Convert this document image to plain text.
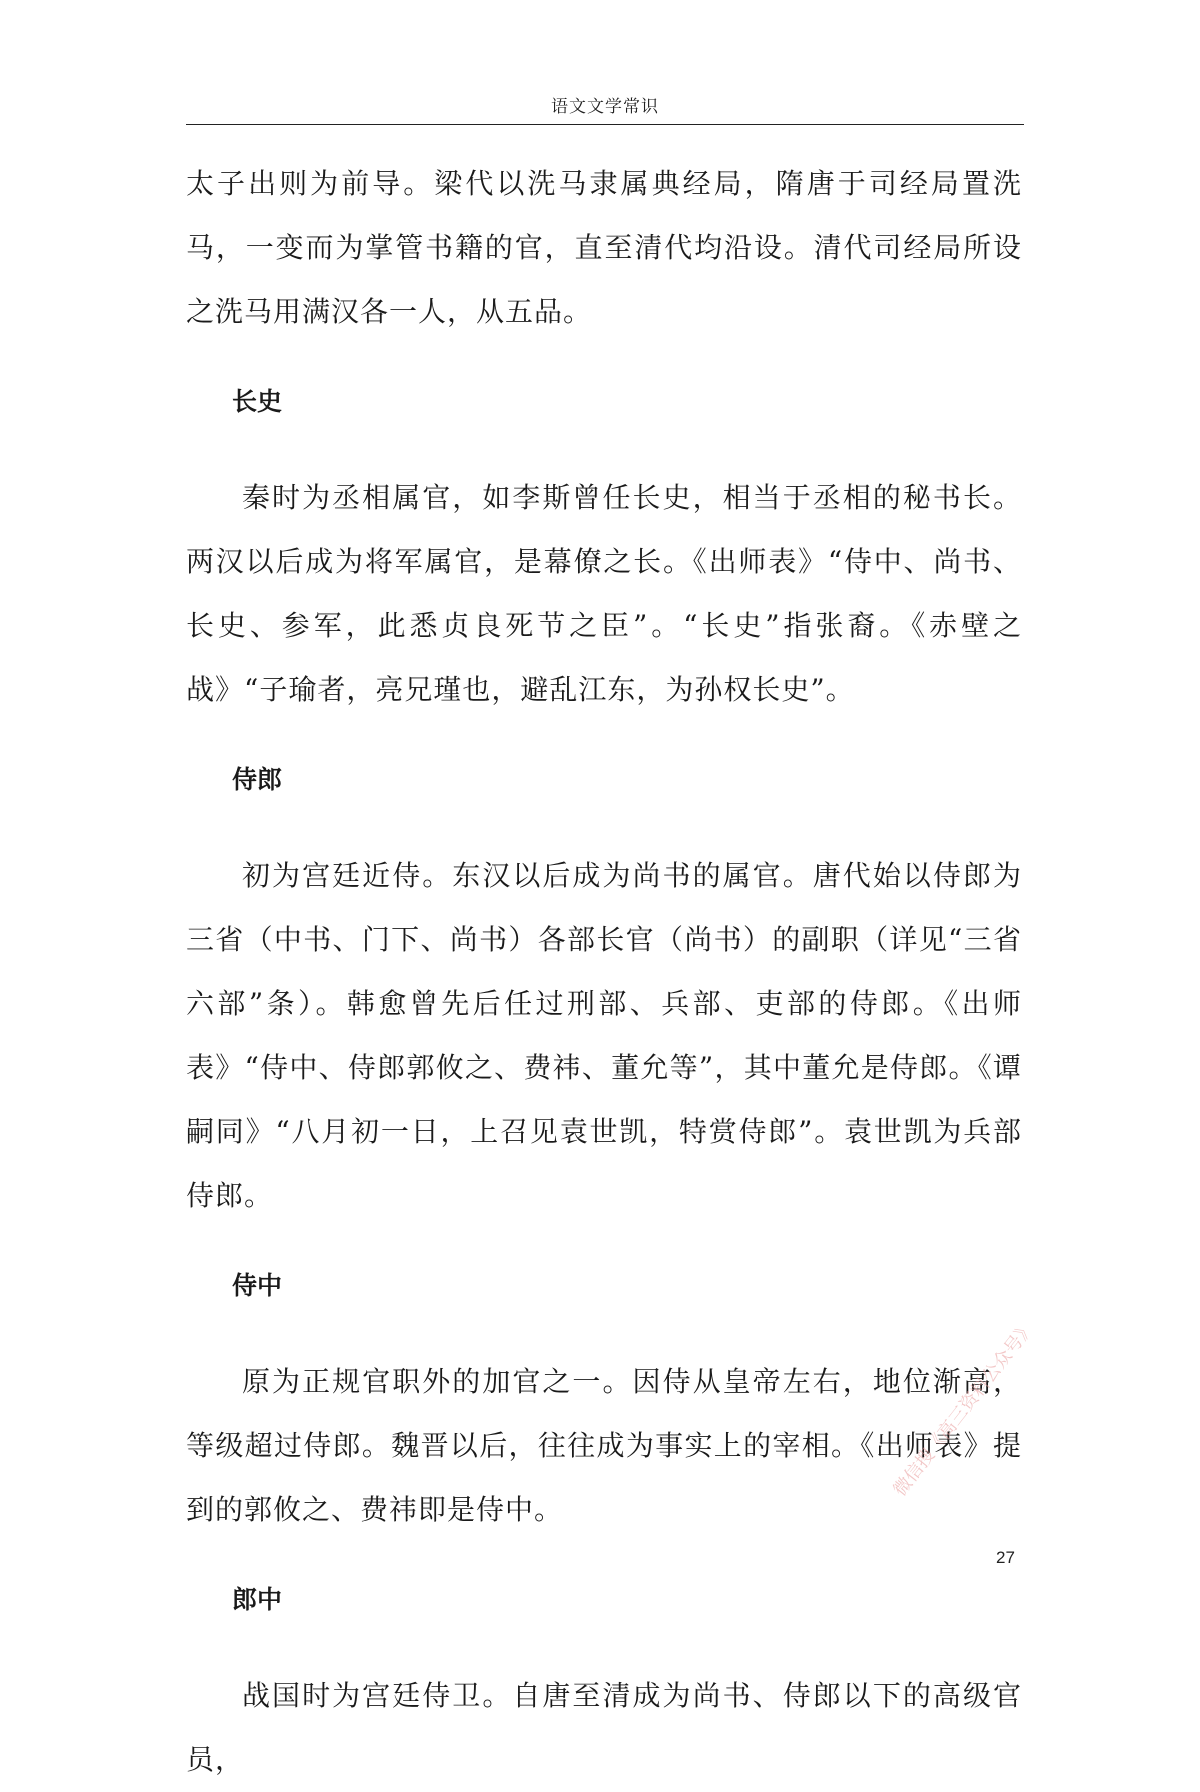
语文文学常识

太子出则为前导。梁代以洗马隶属典经局，隋唐于司经局置洗马，一变而为掌管书籍的官，直至清代均沿设。清代司经局所设之洗马用满汉各一人，从五品。

长史

秦时为丞相属官，如李斯曾任长史，相当于丞相的秘书长。两汉以后成为将军属官，是幕僚之长。《出师表》“侍中、尚书、长史、参军，此悉贞良死节之臣”。“长史”指张裔。《赤壁之战》“子瑜者，亮兄瑾也，避乱江东，为孙权长史”。

侍郎

初为宫廷近侍。东汉以后成为尚书的属官。唐代始以侍郎为三省（中书、门下、尚书）各部长官（尚书）的副职（详见“三省六部”条）。韩愈曾先后任过刑部、兵部、吏部的侍郎。《出师表》“侍中、侍郎郭攸之、费祎、董允等”，其中董允是侍郎。《谭嗣同》“八月初一日，上召见袁世凯，特赏侍郎”。袁世凯为兵部侍郎。

侍中

原为正规官职外的加官之一。因侍从皇帝左右，地位渐高，等级超过侍郎。魏晋以后，往往成为事实上的宰相。《出师表》提到的郭攸之、费祎即是侍中。

郎中

战国时为宫廷侍卫。自唐至清成为尚书、侍郎以下的高级官员，

27
微信搜《高三资料公众号》
